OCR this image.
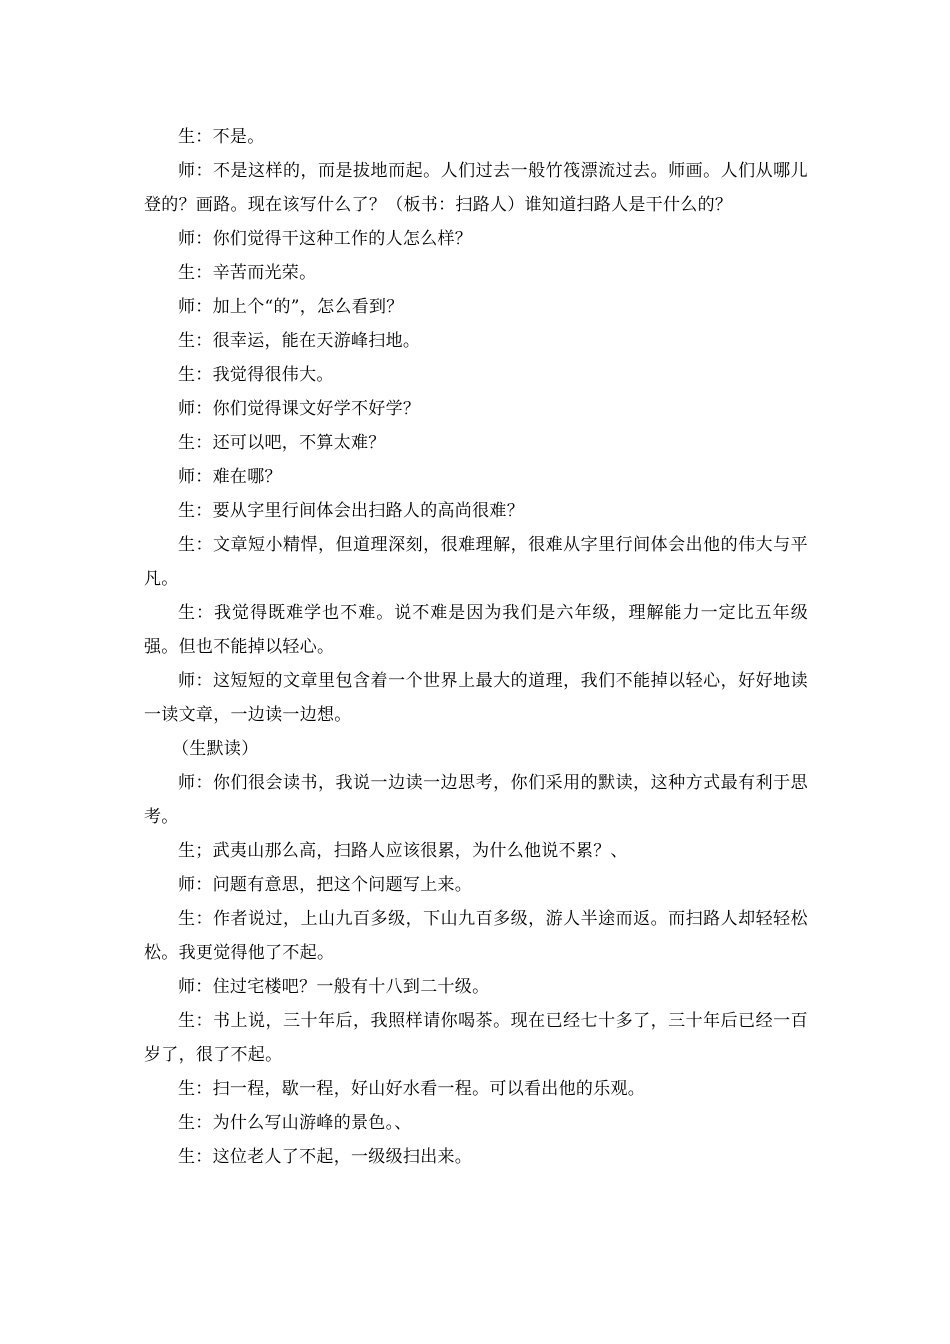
生：不是。

师：不是这样的，而是拔地而起。人们过去一般竹筏漂流过去。师画。人们从哪儿登的？画路。现在该写什么了？（板书：扫路人）谁知道扫路人是干什么的？

师：你们觉得干这种工作的人怎么样？

生：辛苦而光荣。

师：加上个“的”，怎么看到？

生：很幸运，能在天游峰扫地。

生：我觉得很伟大。

师：你们觉得课文好学不好学？

生：还可以吧，不算太难？

师：难在哪？

生：要从字里行间体会出扫路人的高尚很难？

生：文章短小精悍，但道理深刻，很难理解，很难从字里行间体会出他的伟大与平凡。

生：我觉得既难学也不难。说不难是因为我们是六年级，理解能力一定比五年级强。但也不能掉以轻心。

师：这短短的文章里包含着一个世界上最大的道理，我们不能掉以轻心，好好地读一读文章，一边读一边想。

（生默读）

师：你们很会读书，我说一边读一边思考，你们采用的默读，这种方式最有利于思考。

生；武夷山那么高，扫路人应该很累，为什么他说不累？、

师：问题有意思，把这个问题写上来。

生：作者说过，上山九百多级，下山九百多级，游人半途而返。而扫路人却轻轻松松。我更觉得他了不起。

师：住过宅楼吧？一般有十八到二十级。

生：书上说，三十年后，我照样请你喝茶。现在已经七十多了，三十年后已经一百岁了，很了不起。

生：扫一程，歇一程，好山好水看一程。可以看出他的乐观。

生：为什么写山游峰的景色。、

生：这位老人了不起，一级级扫出来。
